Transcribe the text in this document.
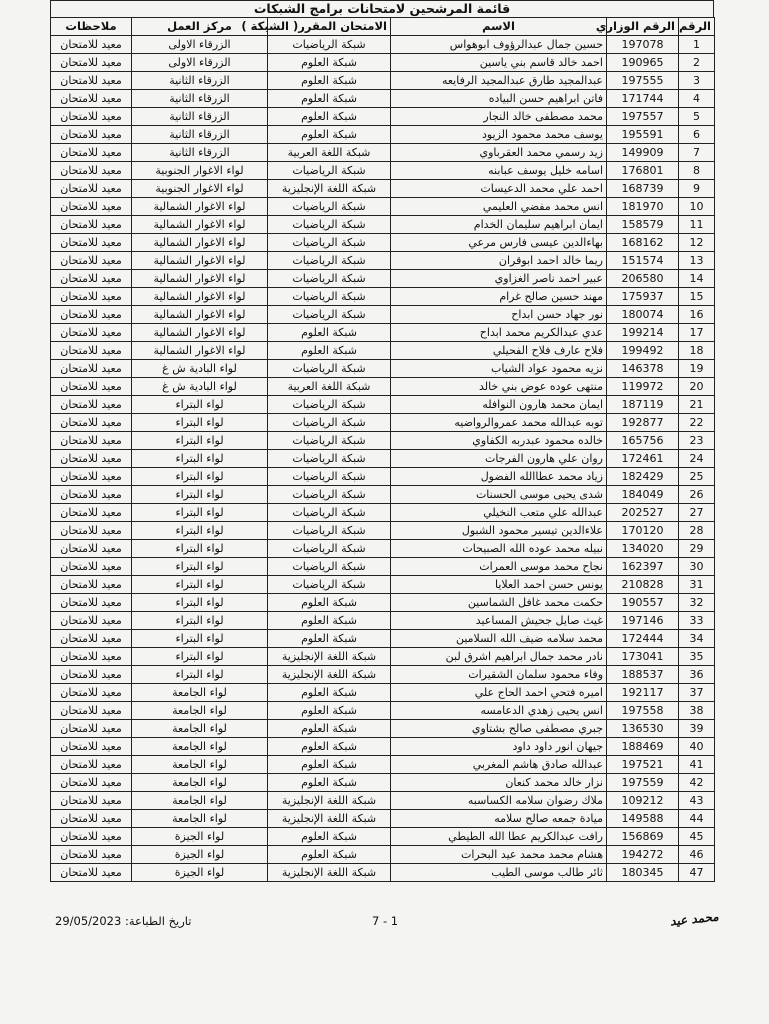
قائمة المرشحين لامتحانات برامج الشبكات
الرقم	الرقم الوزاري	الاسم	الامتحان المقرر( الشبكة )	مركز العمل	ملاحظات
1	197078	حسين جمال عبدالرؤوف ابوهواس	شبكة الرياضيات	الزرقاء الاولى	معيد للامتحان
2	190965	احمد خالد قاسم بني ياسين	شبكة العلوم	الزرقاء الاولى	معيد للامتحان
3	197555	عبدالمجيد طارق عبدالمجيد الرفايعه	شبكة العلوم	الزرقاء الثانية	معيد للامتحان
4	171744	فاتن ابراهيم حسن البياده	شبكة العلوم	الزرقاء الثانية	معيد للامتحان
5	197557	محمد مصطفى خالد النجار	شبكة العلوم	الزرقاء الثانية	معيد للامتحان
6	195591	يوسف محمد محمود الزيود	شبكة العلوم	الزرقاء الثانية	معيد للامتحان
7	149909	زيد رسمي محمد العقرباوي	شبكة اللغة العربية	الزرقاء الثانية	معيد للامتحان
8	176801	اسامه خليل يوسف عبابنه	شبكة الرياضيات	لواء الاغوار الجنوبية	معيد للامتحان
9	168739	احمد علي محمد الدعيسات	شبكة اللغة الإنجليزية	لواء الاغوار الجنوبية	معيد للامتحان
10	181970	انس محمد مفضي العليمي	شبكة الرياضيات	لواء الاغوار الشمالية	معيد للامتحان
11	158579	ايمان ابراهيم سليمان الخدام	شبكة الرياضيات	لواء الاغوار الشمالية	معيد للامتحان
12	168162	بهاءالدين عيسى فارس مرعي	شبكة الرياضيات	لواء الاغوار الشمالية	معيد للامتحان
13	151574	ريما خالد احمد ابوقران	شبكة الرياضيات	لواء الاغوار الشمالية	معيد للامتحان
14	206580	عبير احمد ناصر الغزاوي	شبكة الرياضيات	لواء الاغوار الشمالية	معيد للامتحان
15	175937	مهند حسين صالح غرام	شبكة الرياضيات	لواء الاغوار الشمالية	معيد للامتحان
16	180074	نور جهاد حسن ابداح	شبكة الرياضيات	لواء الاغوار الشمالية	معيد للامتحان
17	199214	عدي عبدالكريم محمد ابداح	شبكة العلوم	لواء الاغوار الشمالية	معيد للامتحان
18	199492	فلاح عارف فلاح الفحيلي	شبكة العلوم	لواء الاغوار الشمالية	معيد للامتحان
19	146378	نزيه محمود عواد الشياب	شبكة الرياضيات	لواء البادية ش غ	معيد للامتحان
20	119972	منتهى عوده عوض بني خالد	شبكة اللغة العربية	لواء البادية ش غ	معيد للامتحان
21	187119	ايمان محمد هارون النوافله	شبكة الرياضيات	لواء البتراء	معيد للامتحان
22	192877	توبه عبدالله محمد عمروالرواضيه	شبكة الرياضيات	لواء البتراء	معيد للامتحان
23	165756	خالده محمود عبدربه الكفاوي	شبكة الرياضيات	لواء البتراء	معيد للامتحان
24	172461	روان علي هارون الفرجات	شبكة الرياضيات	لواء البتراء	معيد للامتحان
25	182429	زياد محمد عطاالله الفضول	شبكة الرياضيات	لواء البتراء	معيد للامتحان
26	184049	شدى يحيى موسى الحسنات	شبكة الرياضيات	لواء البتراء	معيد للامتحان
27	202527	عبدالله علي متعب النخيلي	شبكة الرياضيات	لواء البتراء	معيد للامتحان
28	170120	علاءالدين تيسير محمود الشبول	شبكة الرياضيات	لواء البتراء	معيد للامتحان
29	134020	نبيله محمد عوده الله الصبيحات	شبكة الرياضيات	لواء البتراء	معيد للامتحان
30	162397	نجاح محمد موسى العمرات	شبكة الرياضيات	لواء البتراء	معيد للامتحان
31	210828	يونس حسن احمد العلايا	شبكة الرياضيات	لواء البتراء	معيد للامتحان
32	190557	حكمت محمد غافل الشماسين	شبكة العلوم	لواء البتراء	معيد للامتحان
33	197146	غيث صايل جحيش المساعيد	شبكة العلوم	لواء البتراء	معيد للامتحان
34	172444	محمد سلامه ضيف الله السلامين	شبكة العلوم	لواء البتراء	معيد للامتحان
35	173041	نادر محمد جمال ابراهيم اشرق لبن	شبكة اللغة الإنجليزية	لواء البتراء	معيد للامتحان
36	188537	وفاء محمود سلمان الشقيرات	شبكة اللغة الإنجليزية	لواء البتراء	معيد للامتحان
37	192117	اميره فتحي احمد الحاج علي	شبكة العلوم	لواء الجامعة	معيد للامتحان
38	197558	انس يحيى زهدي الدعامسه	شبكة العلوم	لواء الجامعة	معيد للامتحان
39	136530	جبري مصطفى صالح بشتاوي	شبكة العلوم	لواء الجامعة	معيد للامتحان
40	188469	جيهان انور داود داود	شبكة العلوم	لواء الجامعة	معيد للامتحان
41	197521	عبدالله صادق هاشم المغربي	شبكة العلوم	لواء الجامعة	معيد للامتحان
42	197559	نزار خالد محمد كنعان	شبكة العلوم	لواء الجامعة	معيد للامتحان
43	109212	ملاك رضوان سلامه الكساسبه	شبكة اللغة الإنجليزية	لواء الجامعة	معيد للامتحان
44	149588	ميادة جمعه صالح سلامه	شبكة اللغة الإنجليزية	لواء الجامعة	معيد للامتحان
45	156869	رافت عبدالكريم عطا الله الطيطي	شبكة العلوم	لواء الجيزة	معيد للامتحان
46	194272	هشام محمد محمد عيد البحرات	شبكة العلوم	لواء الجيزة	معيد للامتحان
47	180345	ثائر طالب موسى الطيب	شبكة اللغة الإنجليزية	لواء الجيزة	معيد للامتحان
تاريخ الطباعة: 29/05/2023	7 - 1	محمد عيد
